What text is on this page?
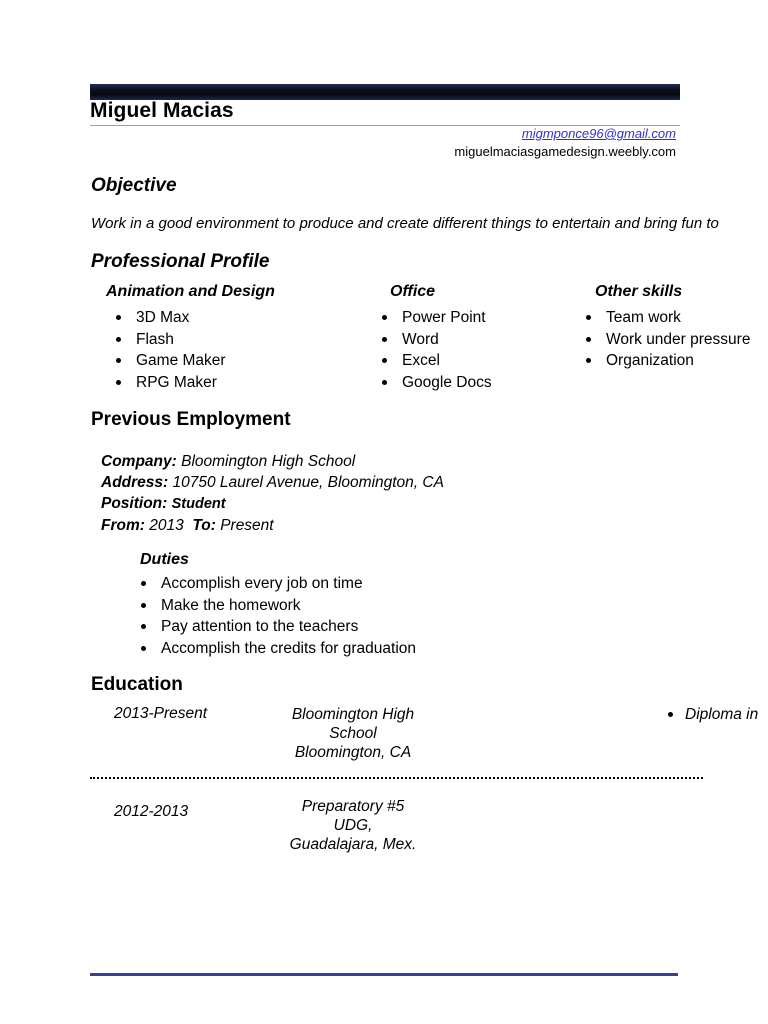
Miguel Macias
migmponce96@gmail.com
miguelmaciasgamedesign.weebly.com
Objective
Work in a good environment to produce and create different things to entertain and bring fun to
Professional Profile
Animation and Design
3D Max
Flash
Game Maker
RPG Maker
Office
Power Point
Word
Excel
Google Docs
Other skills
Team work
Work under pressure
Organization
Previous Employment
Company: Bloomington High School
Address: 10750 Laurel Avenue, Bloomington, CA
Position: Student
From: 2013 To: Present
Duties
Accomplish every job on time
Make the homework
Pay attention to the teachers
Accomplish the credits for graduation
Education
2013-Present	Bloomington High
School
Bloomington, CA
Diploma in
2012-2013	Preparatory #5
UDG,
Guadalajara, Mex.
